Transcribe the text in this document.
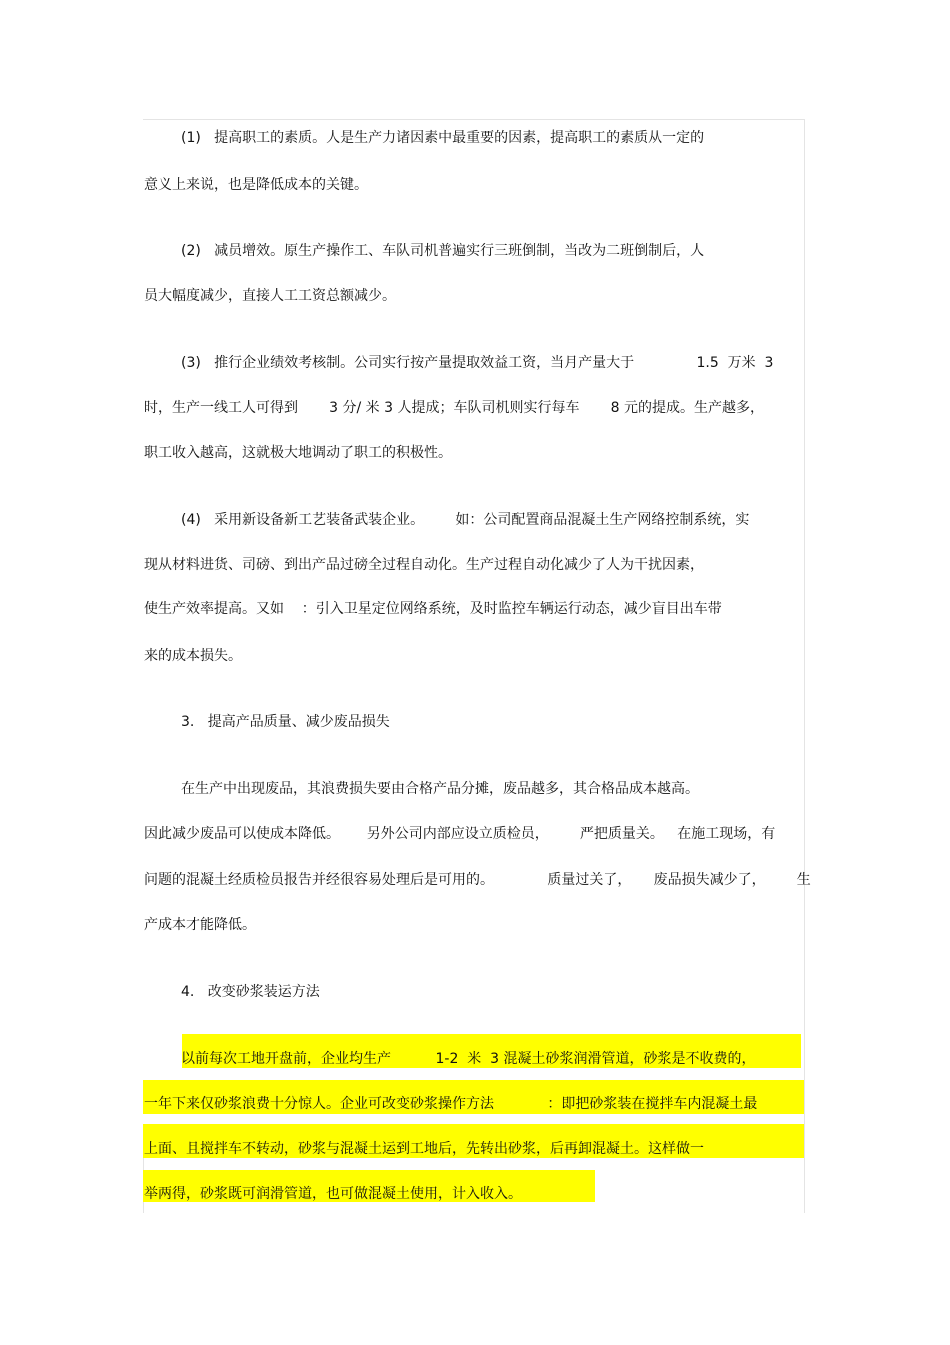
(1)   提高职工的素质。人是生产力诸因素中最重要的因素，提高职工的素质从一定的
意义上来说，也是降低成本的关键。
(2)   减员增效。原生产操作工、车队司机普遍实行三班倒制，当改为二班倒制后，人
员大幅度减少，直接人工工资总额减少。
(3)   推行企业绩效考核制。公司实行按产量提取效益工资，当月产量大于              1.5  万米  3
时，生产一线工人可得到       3 分/ 米 3 人提成；车队司机则实行每车       8 元的提成。生产越多，
职工收入越高，这就极大地调动了职工的积极性。
(4)   采用新设备新工艺装备武装企业。       如：公司配置商品混凝土生产网络控制系统，实
现从材料进货、司磅、到出产品过磅全过程自动化。生产过程自动化减少了人为干扰因素，
使生产效率提高。又如    ：引入卫星定位网络系统，及时监控车辆运行动态，减少盲目出车带
来的成本损失。
3.   提高产品质量、减少废品损失
在生产中出现废品，其浪费损失要由合格产品分摊，废品越多，其合格品成本越高。
因此减少废品可以使成本降低。      另外公司内部应设立质检员，       严把质量关。   在施工现场，有
问题的混凝土经质检员报告并经很容易处理后是可用的。            质量过关了，     废品损失减少了，       生
产成本才能降低。
4.   改变砂浆装运方法
以前每次工地开盘前，企业均生产          1-2  米  3 混凝土砂浆润滑管道，砂浆是不收费的，
一年下来仅砂浆浪费十分惊人。企业可改变砂浆操作方法            ：即把砂浆装在搅拌车内混凝土最
上面、且搅拌车不转动，砂浆与混凝土运到工地后，先转出砂浆，后再卸混凝土。这样做一
举两得，砂浆既可润滑管道，也可做混凝土使用，计入收入。
